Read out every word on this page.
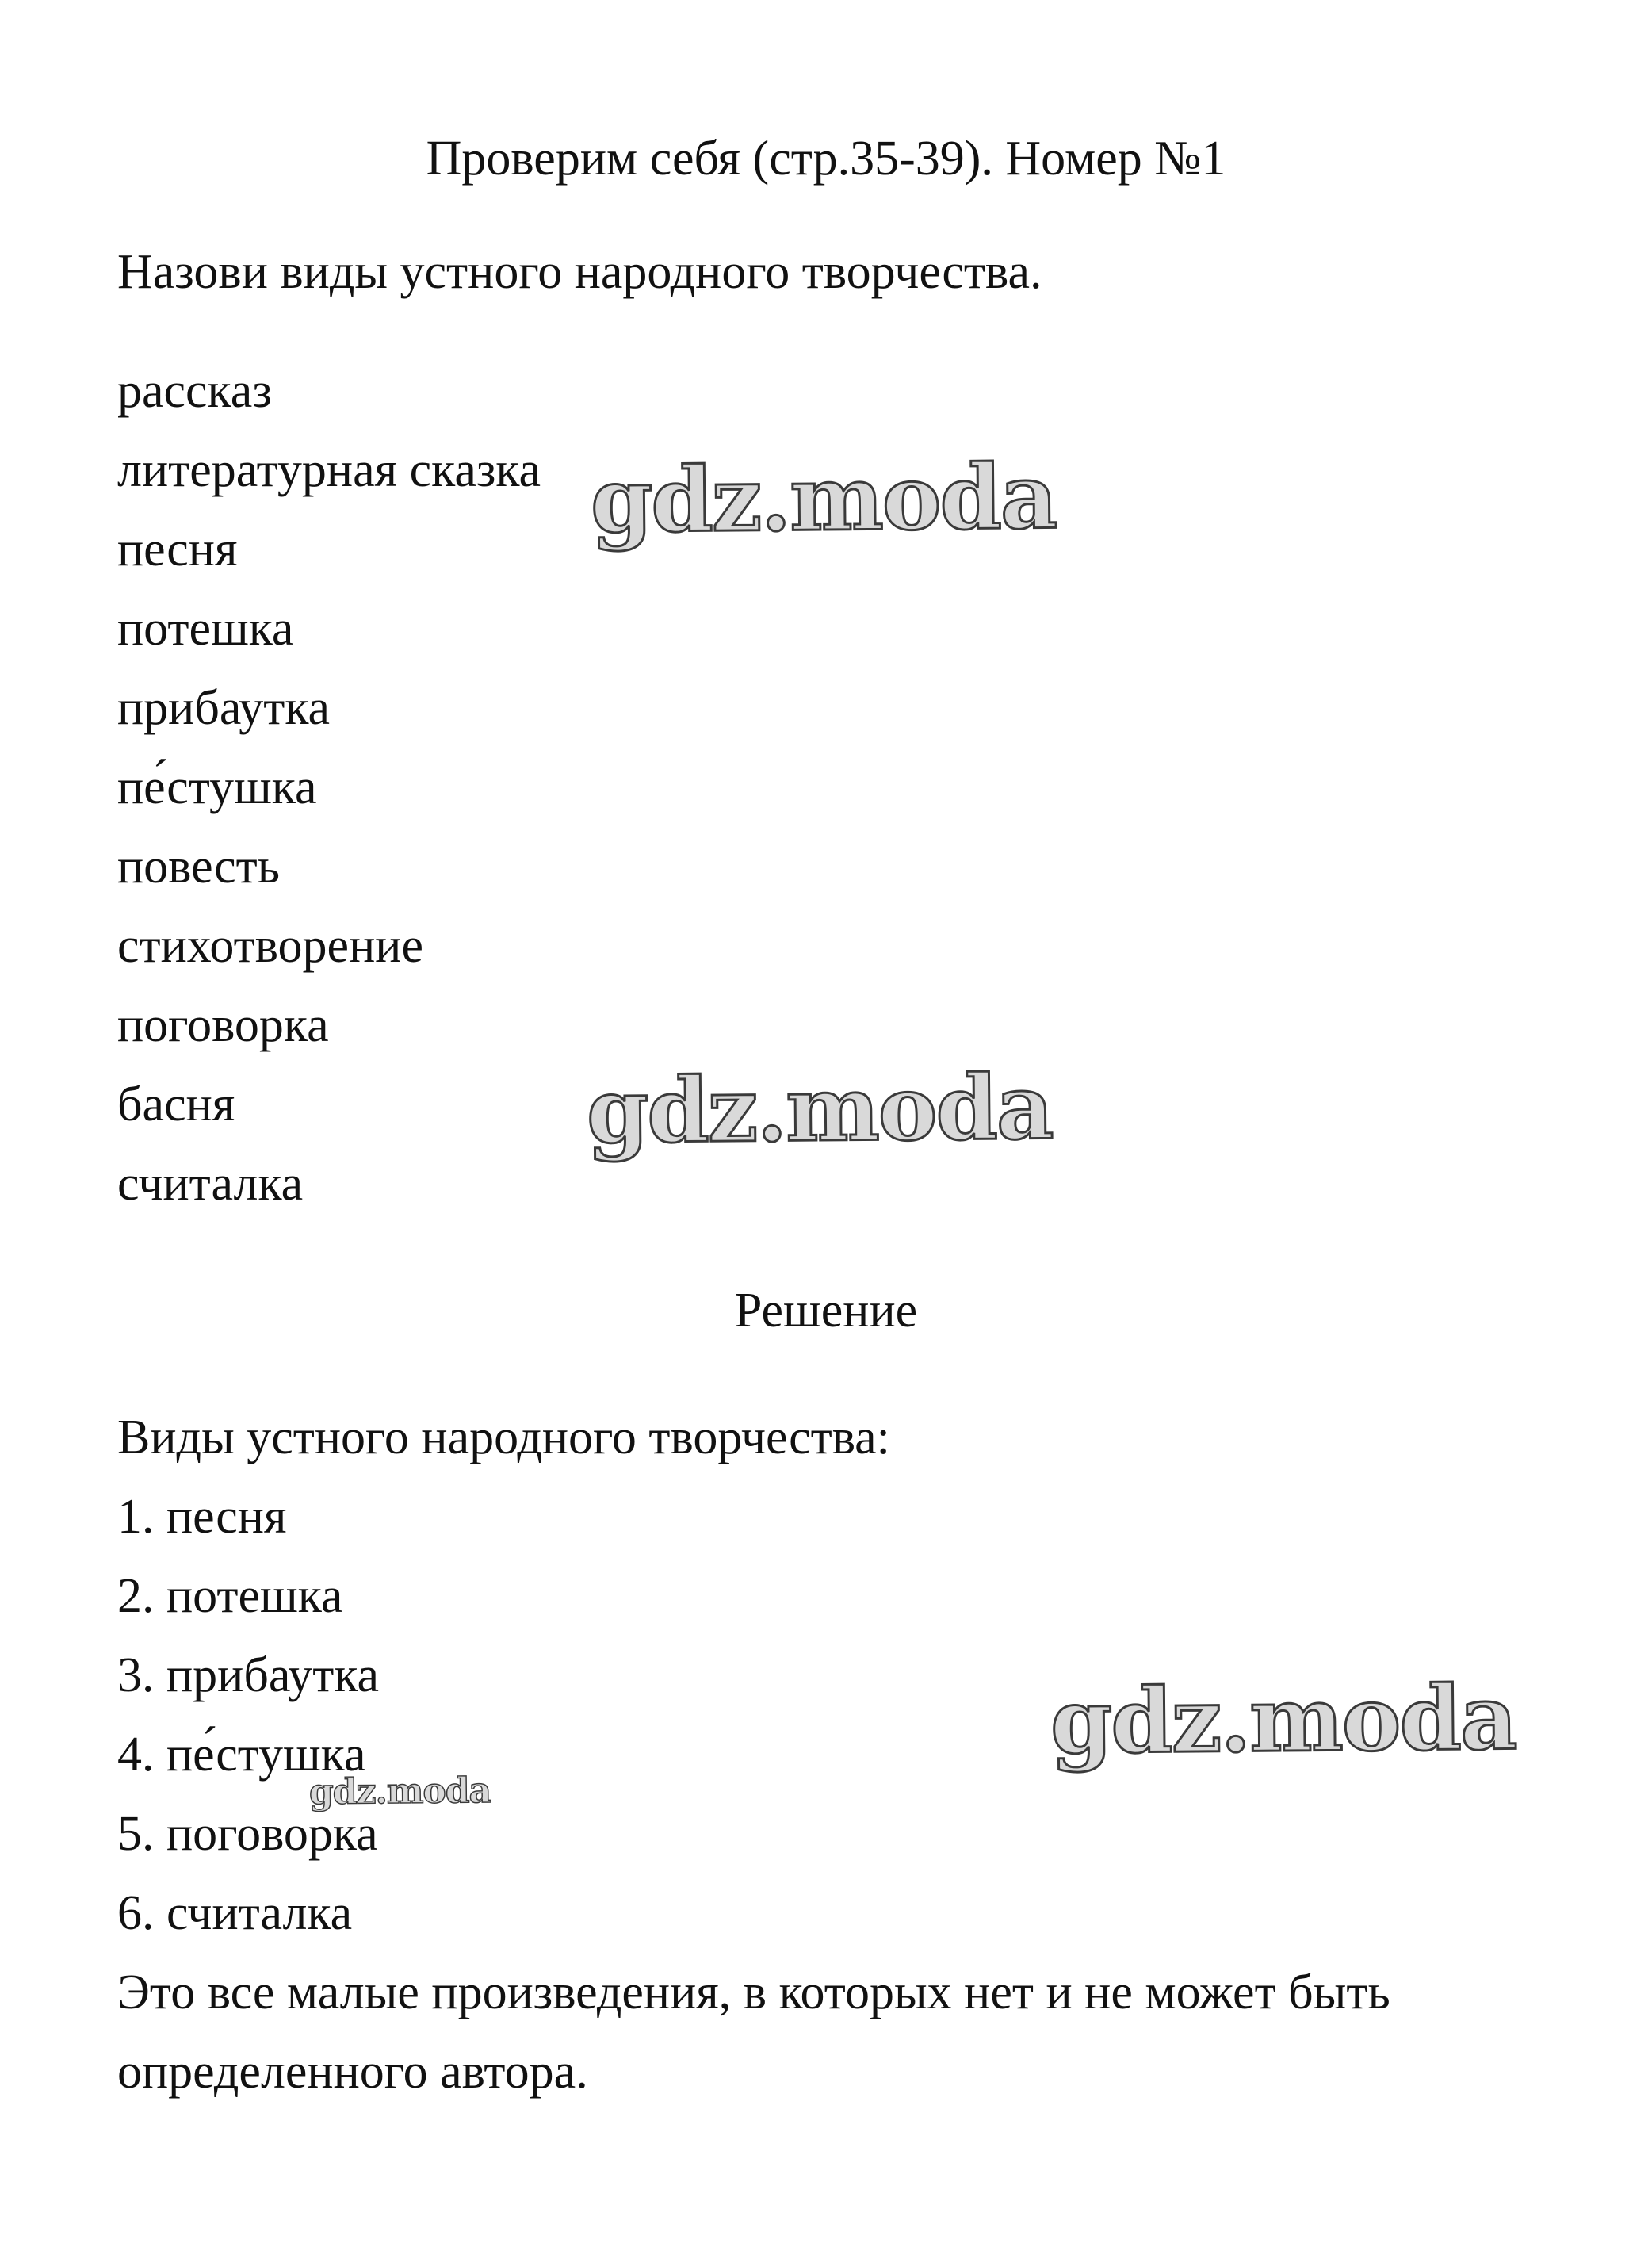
Проверим себя (стр.35-39). Номер №1
Назови виды устного народного творчества.
рассказ
литературная сказка
песня
потешка
прибаутка
пе́стушка
повесть
стихотворение
поговорка
басня
считалка
Решение
Виды устного народного творчества:
1. песня
2. потешка
3. прибаутка
4. пе́стушка
5. поговорка
6. считалка
Это все малые произведения, в которых нет и не может быть
определенного автора.
gdz.moda
gdz.moda
gdz.moda
gdz.moda
